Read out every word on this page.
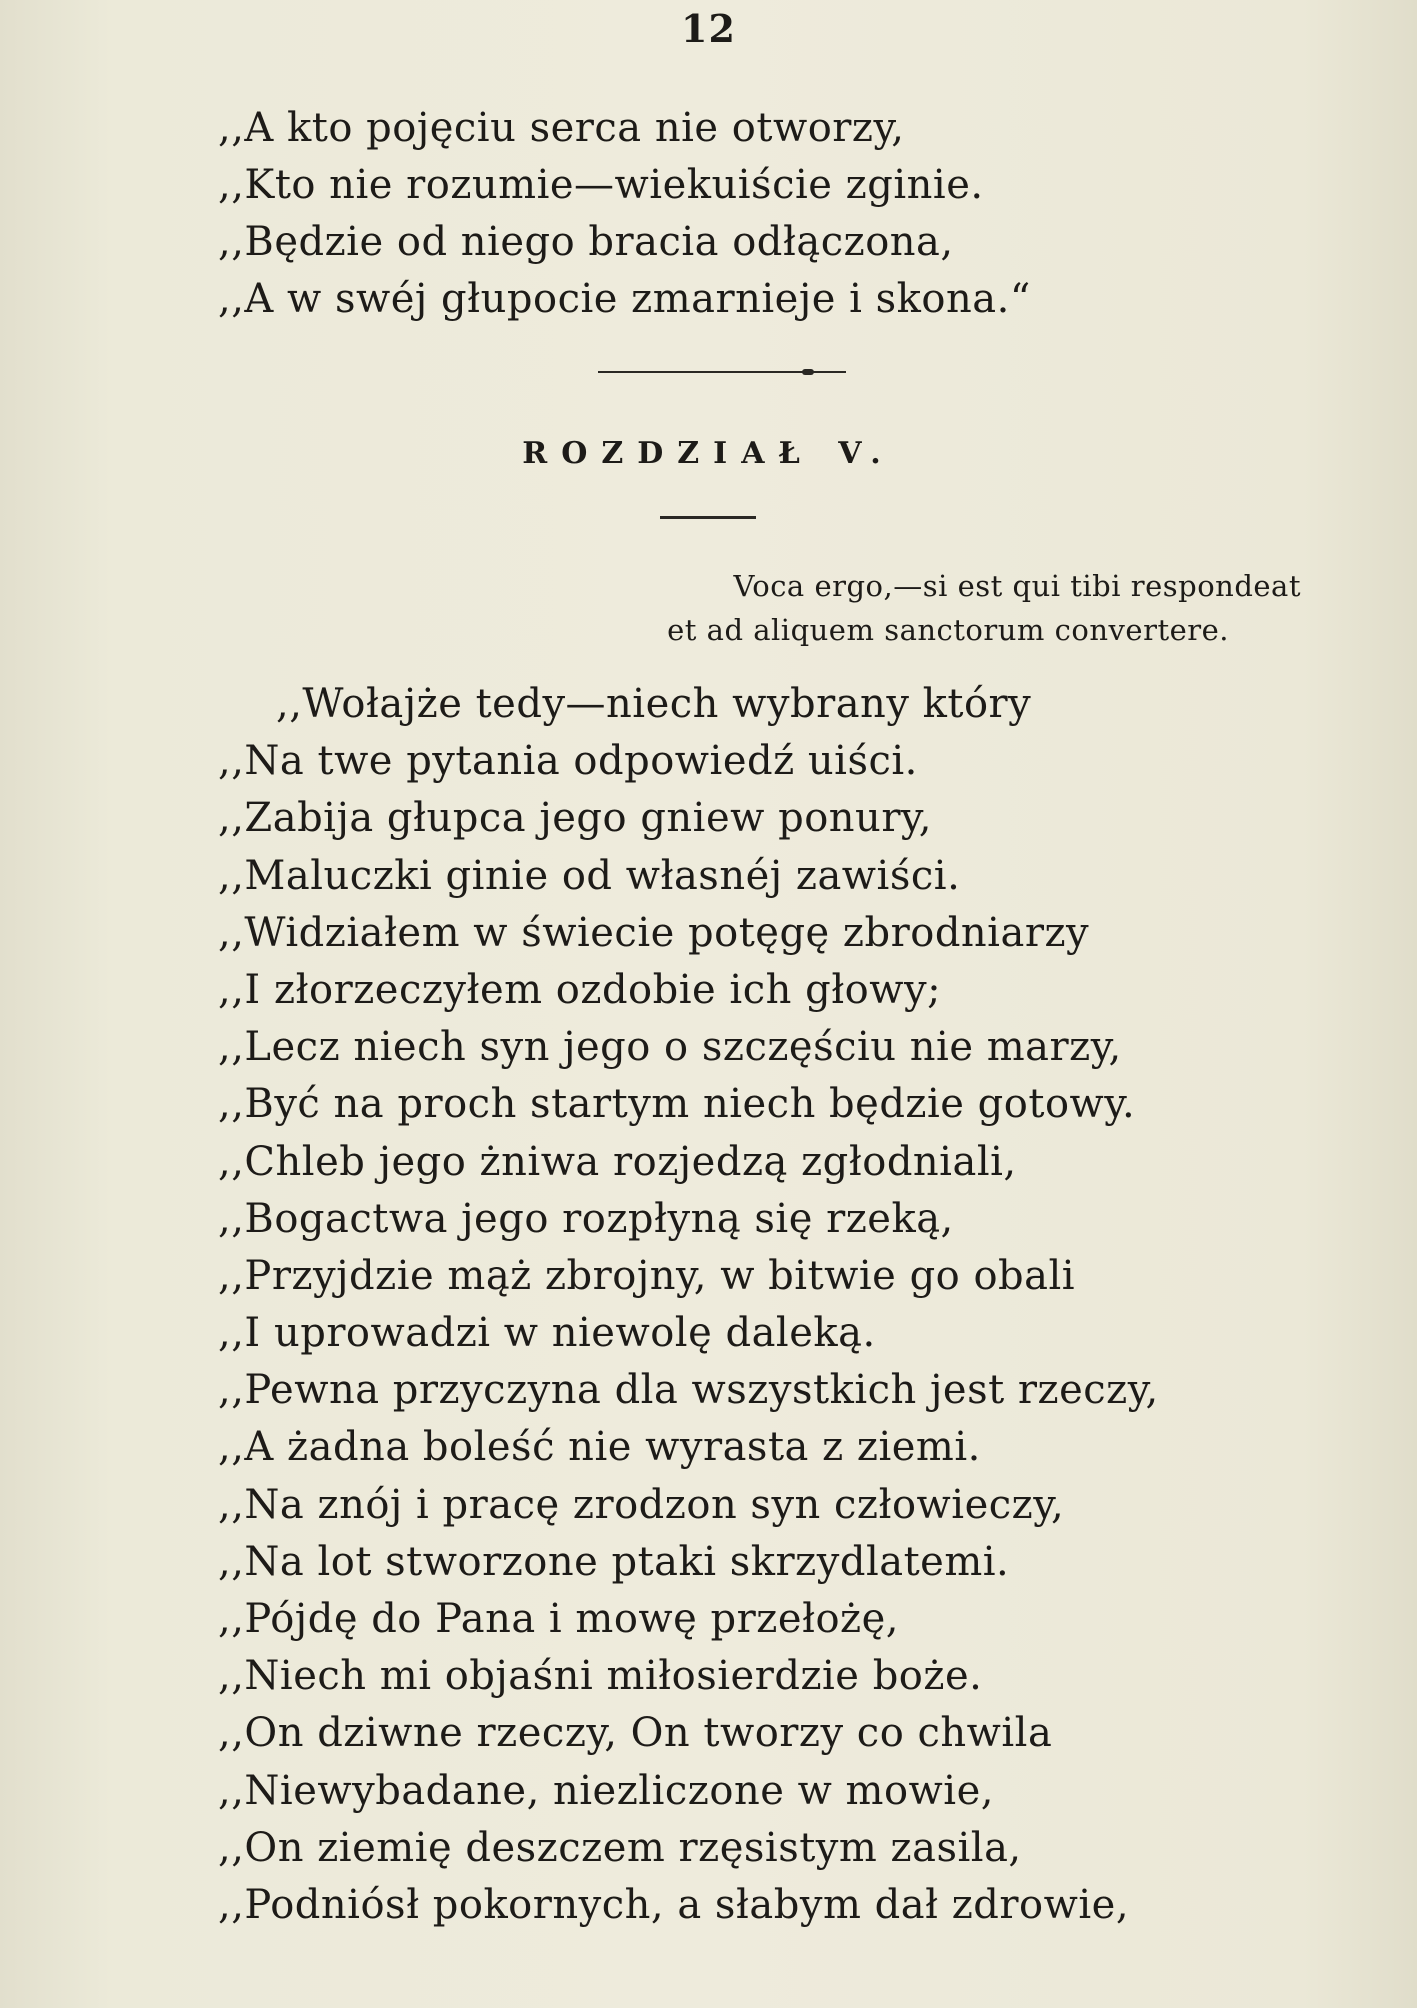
12
,,A kto pojęciu serca nie otworzy,
,,Kto nie rozumie—wiekuiście zginie.
,,Będzie od niego bracia odłączona,
,,A w swéj głupocie zmarnieje i skona.“
ROZDZIAŁ V.
Voca ergo,—si est qui tibi respondeat
et ad aliquem sanctorum convertere.
,,Wołajże tedy—niech wybrany który
,,Na twe pytania odpowiedź uiści.
,,Zabija głupca jego gniew ponury,
,,Maluczki ginie od własnéj zawiści.
,,Widziałem w świecie potęgę zbrodniarzy
,,I złorzeczyłem ozdobie ich głowy;
,,Lecz niech syn jego o szczęściu nie marzy,
,,Być na proch startym niech będzie gotowy.
,,Chleb jego żniwa rozjedzą zgłodniali,
,,Bogactwa jego rozpłyną się rzeką,
,,Przyjdzie mąż zbrojny, w bitwie go obali
,,I uprowadzi w niewolę daleką.
,,Pewna przyczyna dla wszystkich jest rzeczy,
,,A żadna boleść nie wyrasta z ziemi.
,,Na znój i pracę zrodzon syn człowieczy,
,,Na lot stworzone ptaki skrzydlatemi.
,,Pójdę do Pana i mowę przełożę,
,,Niech mi objaśni miłosierdzie boże.
,,On dziwne rzeczy, On tworzy co chwila
,,Niewybadane, niezliczone w mowie,
,,On ziemię deszczem rzęsistym zasila,
,,Podniósł pokornych, a słabym dał zdrowie,
